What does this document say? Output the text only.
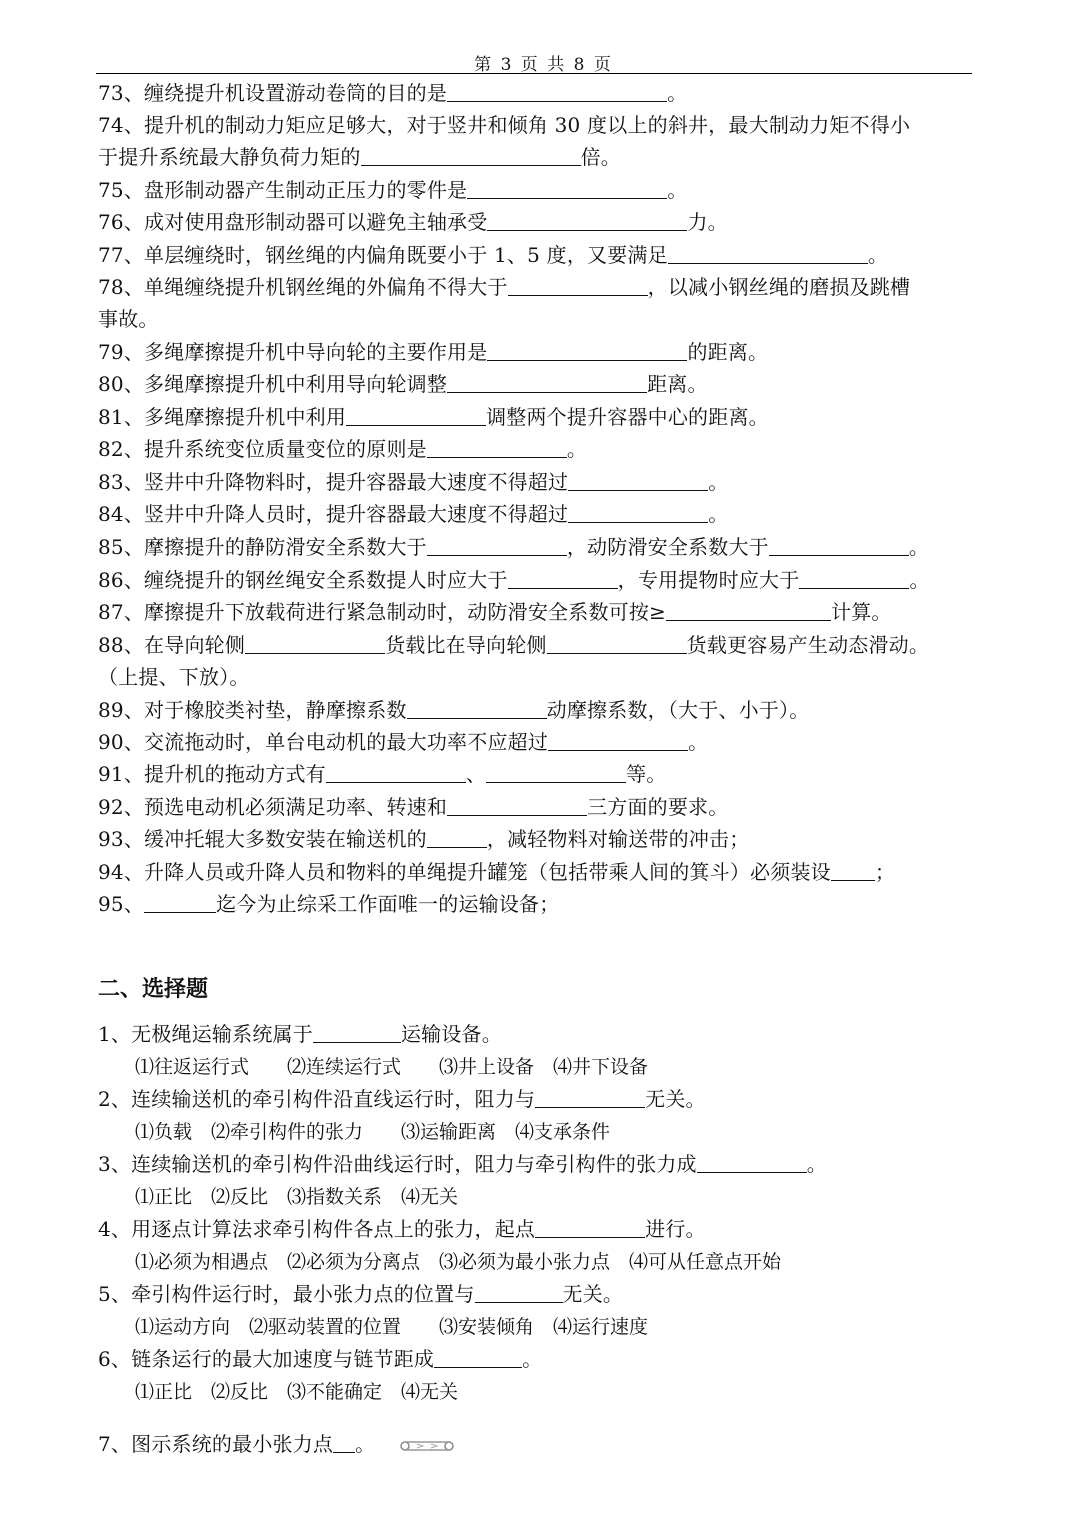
第 3 页 共 8 页
73、缠绕提升机设置游动卷筒的目的是	。
74、提升机的制动力矩应足够大，对于竖井和倾角 30 度以上的斜井，最大制动力矩不得小
于提升系统最大静负荷力矩的	倍。
75、盘形制动器产生制动正压力的零件是	。
76、成对使用盘形制动器可以避免主轴承受	力。
77、单层缠绕时，钢丝绳的内偏角既要小于 1、5 度，又要满足	。
78、单绳缠绕提升机钢丝绳的外偏角不得大于	，以减小钢丝绳的磨损及跳槽
事故。
79、多绳摩擦提升机中导向轮的主要作用是	的距离。
80、多绳摩擦提升机中利用导向轮调整	距离。
81、多绳摩擦提升机中利用	调整两个提升容器中心的距离。
82、提升系统变位质量变位的原则是	。
83、竖井中升降物料时，提升容器最大速度不得超过	。
84、竖井中升降人员时，提升容器最大速度不得超过	。
85、摩擦提升的静防滑安全系数大于	，动防滑安全系数大于	。
86、缠绕提升的钢丝绳安全系数提人时应大于	，专用提物时应大于	。
87、摩擦提升下放载荷进行紧急制动时，动防滑安全系数可按≥	计算。
88、在导向轮侧	货载比在导向轮侧	货载更容易产生动态滑动。
（上提、下放）。
89、对于橡胶类衬垫，静摩擦系数	动摩擦系数，（大于、小于）。
90、交流拖动时，单台电动机的最大功率不应超过	。
91、提升机的拖动方式有	、	等。
92、预选电动机必须满足功率、转速和	三方面的要求。
93、缓冲托辊大多数安装在输送机的	，减轻物料对输送带的冲击；
94、升降人员或升降人员和物料的单绳提升罐笼（包括带乘人间的箕斗）必须装设 ；
95、	迄今为止综采工作面唯一的运输设备；
二、选择题
1、无极绳运输系统属于	运输设备。
⑴往返运行式　　⑵连续运行式　　⑶井上设备　⑷井下设备
2、连续输送机的牵引构件沿直线运行时，阻力与	无关。
⑴负载　⑵牵引构件的张力　　⑶运输距离　⑷支承条件
3、连续输送机的牵引构件沿曲线运行时，阻力与牵引构件的张力成	。
⑴正比　⑵反比　⑶指数关系　⑷无关
4、用逐点计算法求牵引构件各点上的张力，起点	进行。
⑴必须为相遇点　⑵必须为分离点　⑶必须为最小张力点　⑷可从任意点开始
5、牵引构件运行时，最小张力点的位置与	无关。
⑴运动方向　⑵驱动装置的位置　　⑶安装倾角　⑷运行速度
6、链条运行的最大加速度与链节距成	。
⑴正比　⑵反比　⑶不能确定　⑷无关
7、图示系统的最小张力点 。
